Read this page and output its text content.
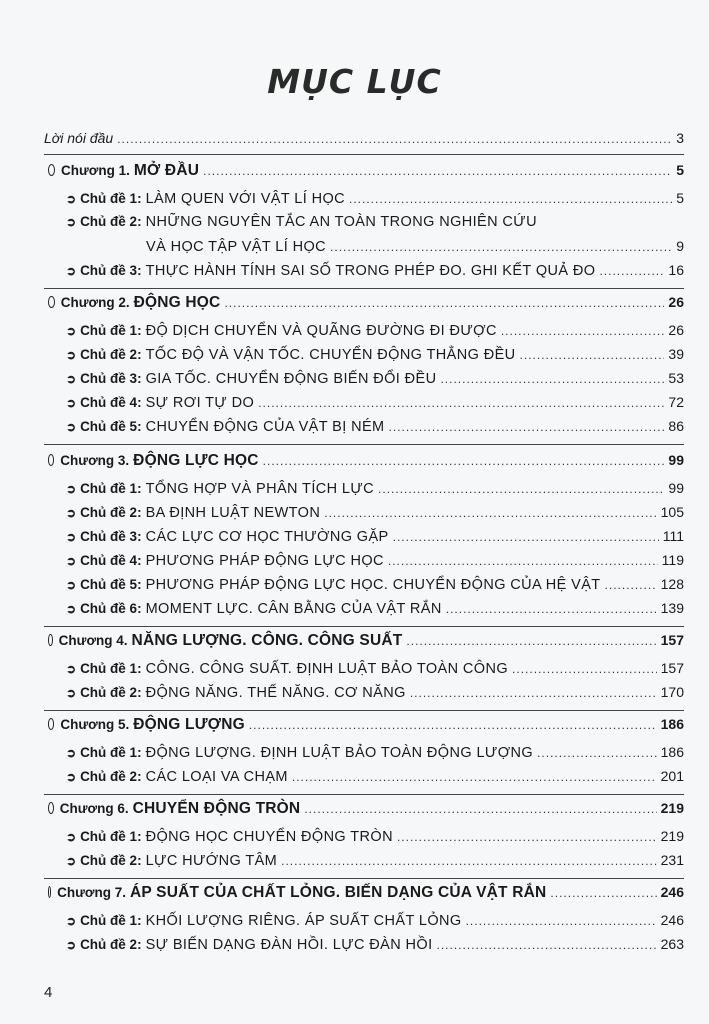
MỤC LỤC
Lời nói đầu .....	3
Chương 1. MỞ ĐẦU .....	5
➲ Chủ đề 1: LÀM QUEN VỚI VẬT LÍ HỌC .....	5
➲ Chủ đề 2: NHỮNG NGUYÊN TẮC AN TOÀN TRONG NGHIÊN CỨU
VÀ HỌC TẬP VẬT LÍ HỌC .....	9
➲ Chủ đề 3: THỰC HÀNH TÍNH SAI SỐ TRONG PHÉP ĐO. GHI KẾT QUẢ ĐO .....	16
Chương 2. ĐỘNG HỌC .....	26
➲ Chủ đề 1: ĐỘ DỊCH CHUYỂN VÀ QUÃNG ĐƯỜNG ĐI ĐƯỢC .....	26
➲ Chủ đề 2: TỐC ĐỘ VÀ VẬN TỐC. CHUYỂN ĐỘNG THẲNG ĐỀU .....	39
➲ Chủ đề 3: GIA TỐC. CHUYỂN ĐỘNG BIẾN ĐỔI ĐỀU .....	53
➲ Chủ đề 4: SỰ RƠI TỰ DO .....	72
➲ Chủ đề 5: CHUYỂN ĐỘNG CỦA VẬT BỊ NÉM .....	86
Chương 3. ĐỘNG LỰC HỌC .....	99
➲ Chủ đề 1: TỔNG HỢP VÀ PHÂN TÍCH LỰC .....	99
➲ Chủ đề 2: BA ĐỊNH LUẬT NEWTON .....	105
➲ Chủ đề 3: CÁC LỰC CƠ HỌC THƯỜNG GẶP .....	111
➲ Chủ đề 4: PHƯƠNG PHÁP ĐỘNG LỰC HỌC .....	119
➲ Chủ đề 5: PHƯƠNG PHÁP ĐỘNG LỰC HỌC. CHUYỂN ĐỘNG CỦA HỆ VẬT .....	128
➲ Chủ đề 6: MOMENT LỰC. CÂN BẰNG CỦA VẬT RẮN .....	139
Chương 4. NĂNG LƯỢNG. CÔNG. CÔNG SUẤT .....	157
➲ Chủ đề 1: CÔNG. CÔNG SUẤT. ĐỊNH LUẬT BẢO TOÀN CÔNG .....	157
➲ Chủ đề 2: ĐỘNG NĂNG. THẾ NĂNG. CƠ NĂNG .....	170
Chương 5. ĐỘNG LƯỢNG .....	186
➲ Chủ đề 1: ĐỘNG LƯỢNG. ĐỊNH LUẬT BẢO TOÀN ĐỘNG LƯỢNG .....	186
➲ Chủ đề 2: CÁC LOẠI VA CHẠM .....	201
Chương 6. CHUYỂN ĐỘNG TRÒN .....	219
➲ Chủ đề 1: ĐỘNG HỌC CHUYỂN ĐỘNG TRÒN .....	219
➲ Chủ đề 2: LỰC HƯỚNG TÂM .....	231
Chương 7. ÁP SUẤT CỦA CHẤT LỎNG. BIẾN DẠNG CỦA VẬT RẮN .....	246
➲ Chủ đề 1: KHỐI LƯỢNG RIÊNG. ÁP SUẤT CHẤT LỎNG .....	246
➲ Chủ đề 2: SỰ BIẾN DẠNG ĐÀN HỒI. LỰC ĐÀN HỒI .....	263
4
